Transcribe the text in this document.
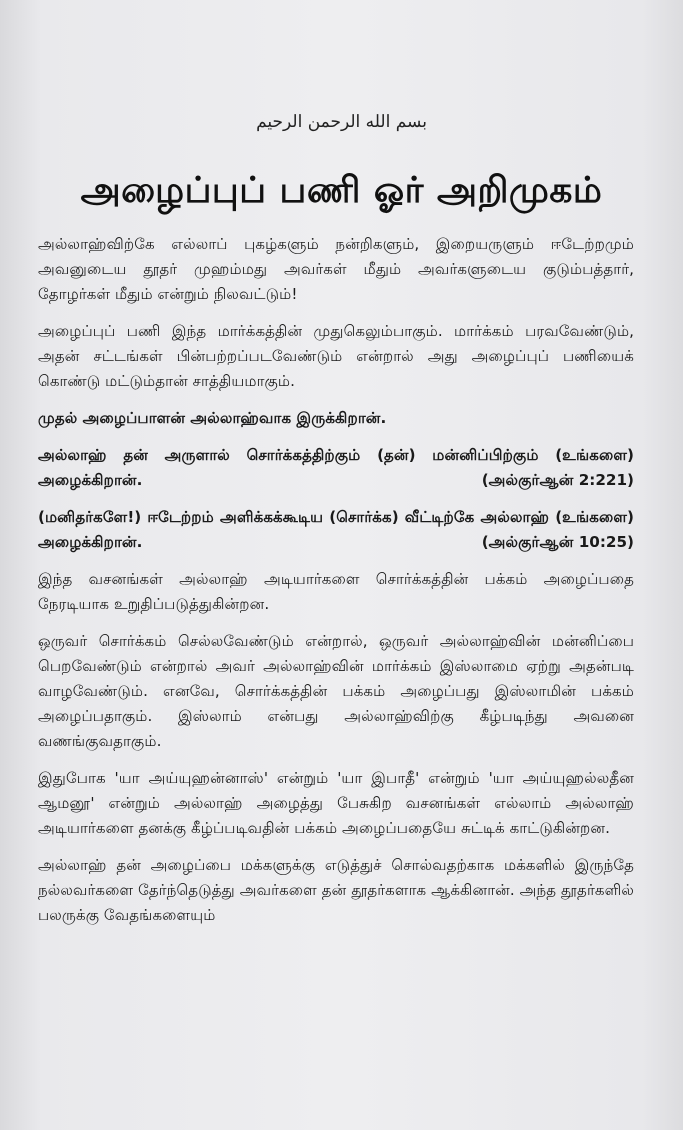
بسم الله الرحمن الرحيم
அழைப்புப் பணி ஓர் அறிமுகம்

அல்லாஹ்விற்கே எல்லாப் புகழ்களும் நன்றிகளும், இறையருளும் ஈடேற்றமும் அவனுடைய தூதர் முஹம்மது அவர்கள் மீதும் அவர்களுடைய குடும்பத்தார், தோழர்கள் மீதும் என்றும் நிலவட்டும்!

அழைப்புப் பணி இந்த மார்க்கத்தின் முதுகெலும்பாகும். மார்க்கம் பரவவேண்டும், அதன் சட்டங்கள் பின்பற்றப்படவேண்டும் என்றால் அது அழைப்புப் பணியைக் கொண்டு மட்டும்தான் சாத்தியமாகும்.

முதல் அழைப்பாளன் அல்லாஹ்வாக இருக்கிறான்.

அல்லாஹ் தன் அருளால் சொர்க்கத்திற்கும் (தன்) மன்னிப்பிற்கும் (உங்களை) அழைக்கிறான்.	(அல்குர்ஆன் 2:221)
(மனிதர்களே!) ஈடேற்றம் அளிக்கக்கூடிய (சொர்க்க) வீட்டிற்கே அல்லாஹ் (உங்களை) அழைக்கிறான்.	(அல்குர்ஆன் 10:25)

இந்த வசனங்கள் அல்லாஹ் அடியார்களை சொர்க்கத்தின் பக்கம் அழைப்பதை நேரடியாக உறுதிப்படுத்துகின்றன.

ஒருவர் சொர்க்கம் செல்லவேண்டும் என்றால், ஒருவர் அல்லாஹ்வின் மன்னிப்பை பெறவேண்டும் என்றால் அவர் அல்லாஹ்வின் மார்க்கம் இஸ்லாமை ஏற்று அதன்படி வாழவேண்டும். எனவே, சொர்க்கத்தின் பக்கம் அழைப்பது இஸ்லாமின் பக்கம் அழைப்பதாகும். இஸ்லாம் என்பது அல்லாஹ்விற்கு கீழ்படிந்து அவனை வணங்குவதாகும்.

இதுபோக 'யா அய்யுஹன்னாஸ்' என்றும் 'யா இபாதீ' என்றும் 'யா அய்யுஹல்லதீன ஆமனூ' என்றும் அல்லாஹ் அழைத்து பேசுகிற வசனங்கள் எல்லாம் அல்லாஹ் அடியார்களை தனக்கு கீழ்ப்படிவதின் பக்கம் அழைப்பதையே சுட்டிக் காட்டுகின்றன.

அல்லாஹ் தன் அழைப்பை மக்களுக்கு எடுத்துச் சொல்வதற்காக மக்களில் இருந்தே நல்லவர்களை தேர்ந்தெடுத்து அவர்களை தன் தூதர்களாக ஆக்கினான். அந்த தூதர்களில் பலருக்கு வேதங்களையும்
